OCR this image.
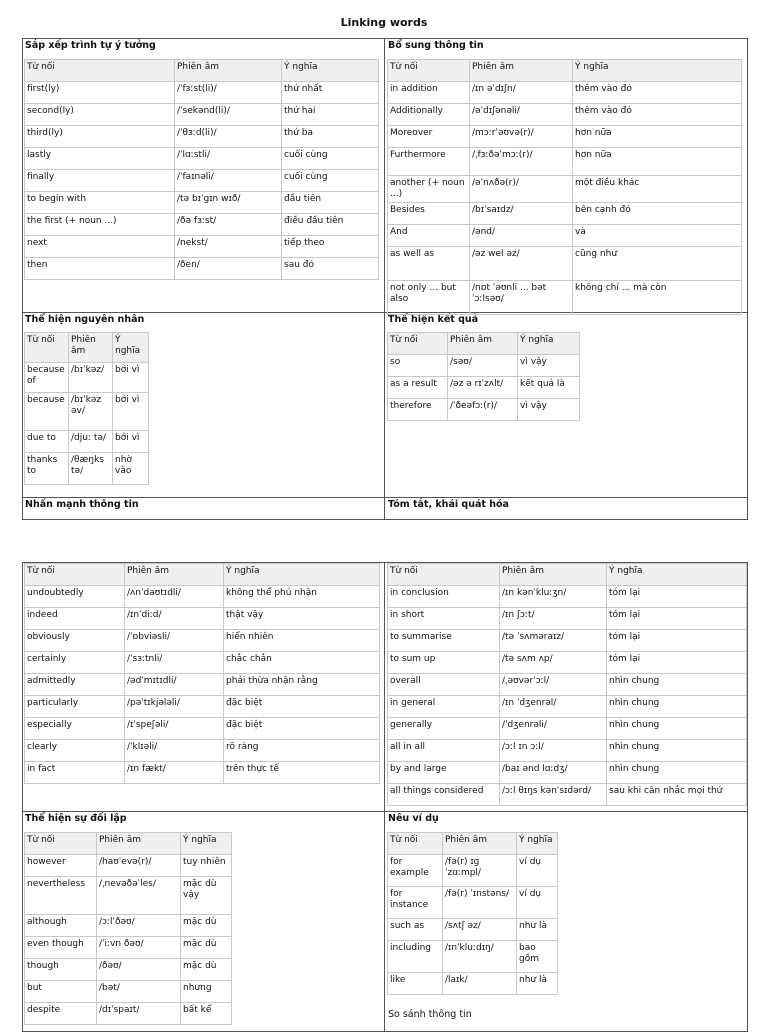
Linking words
Sắp xếp trình tự ý tưởng	Bổ sung thông tin
Thể hiện nguyên nhân	Thể hiện kết quả
Nhấn mạnh thông tin	Tóm tắt, khái quát hóa
Từ nối	Phiên âm	Ý nghĩa
first(ly)	/ˈfɜːst(li)/	thứ nhất
second(ly)	/ˈsekənd(li)/	thứ hai
third(ly)	/ˈθɜːd(li)/	thứ ba
lastly	/ˈlɑːstli/	cuối cùng
finally	/ˈfaɪnəli/	cuối cùng
to begin with	/tə bɪˈɡɪn wɪð/	đầu tiên
the first (+ noun ...)	/ðə fɜːst/	điều đầu tiên
next	/nekst/	tiếp theo
then	/ðen/	sau đó
Từ nối	Phiên âm	Ý nghĩa
in addition	/ɪn əˈdɪʃn/	thêm vào đó
Additionally	/əˈdɪʃənəli/	thêm vào đó
Moreover	/mɔːrˈəʊvə(r)/	hơn nữa
Furthermore	/ˌfɜːðəˈmɔː(r)/	hơn nữa
another (+ noun ...)	/əˈnʌðə(r)/	một điều khác
Besides	/bɪˈsaɪdz/	bên cạnh đó
And	/ənd/	và
as well as	/əz wel əz/	cũng như
not only ... but also	/nɒt ˈəʊnli ... bət ˈɔːlsəʊ/	không chỉ ... mà còn
Từ nối	Phiên âm	Ý nghĩa
because of	/bɪˈkəz/	bởi vì
because	/bɪˈkəz əv/	bởi vì
due to	/djuː tə/	bởi vì
thanks to	/θæŋks tə/	nhờ vào
Từ nối	Phiên âm	Ý nghĩa
so	/səʊ/	vì vậy
as a result	/əz ə rɪˈzʌlt/	kết quả là
therefore	/ˈðeəfɔː(r)/	vì vậy
Từ nối	Phiên âm	Ý nghĩa
undoubtedly	/ʌnˈdaʊtɪdli/	không thể phủ nhận
indeed	/ɪnˈdiːd/	thật vậy
obviously	/ˈɒbviəsli/	hiển nhiên
certainly	/ˈsɜːtnli/	chắc chắn
admittedly	/ədˈmɪtɪdli/	phải thừa nhận rằng
particularly	/pəˈtɪkjələli/	đặc biệt
especially	/ɪˈspeʃəli/	đặc biệt
clearly	/ˈklɪəli/	rõ ràng
in fact	/ɪn fækt/	trên thực tế
Từ nối	Phiên âm	Ý nghĩa
in conclusion	/ɪn kənˈkluːʒn/	tóm lại
in short	/ɪn ʃɔːt/	tóm lại
to summarise	/tə ˈsʌməraɪz/	tóm lại
to sum up	/tə sʌm ʌp/	tóm lại
overall	/ˌəʊvərˈɔːl/	nhìn chung
in general	/ɪn ˈdʒenrəl/	nhìn chung
generally	/ˈdʒenrəli/	nhìn chung
all in all	/ɔːl ɪn ɔːl/	nhìn chung
by and large	/baɪ ənd lɑːdʒ/	nhìn chung
all things considered	/ɔːl θɪŋs kənˈsɪdərd/	sau khi cân nhắc mọi thứ
Thể hiện sự đối lập	Nêu ví dụ
Từ nối	Phiên âm	Ý nghĩa
however	/haʊˈevə(r)/	tuy nhiên
nevertheless	/ˌnevəðəˈles/	mặc dù vậy
although	/ɔːlˈðəʊ/	mặc dù
even though	/ˈiːvn ðəʊ/	mặc dù
though	/ðəʊ/	mặc dù
but	/bət/	nhưng
despite	/dɪˈspaɪt/	bất kể
Từ nối	Phiên âm	Ý nghĩa
for example	/fə(r) ɪɡ ˈzɑːmpl/	ví dụ
for instance	/fə(r) ˈɪnstəns/	ví dụ
such as	/sʌtʃ əz/	như là
including	/ɪnˈkluːdɪŋ/	bao gồm
like	/laɪk/	như là
So sánh thông tin
